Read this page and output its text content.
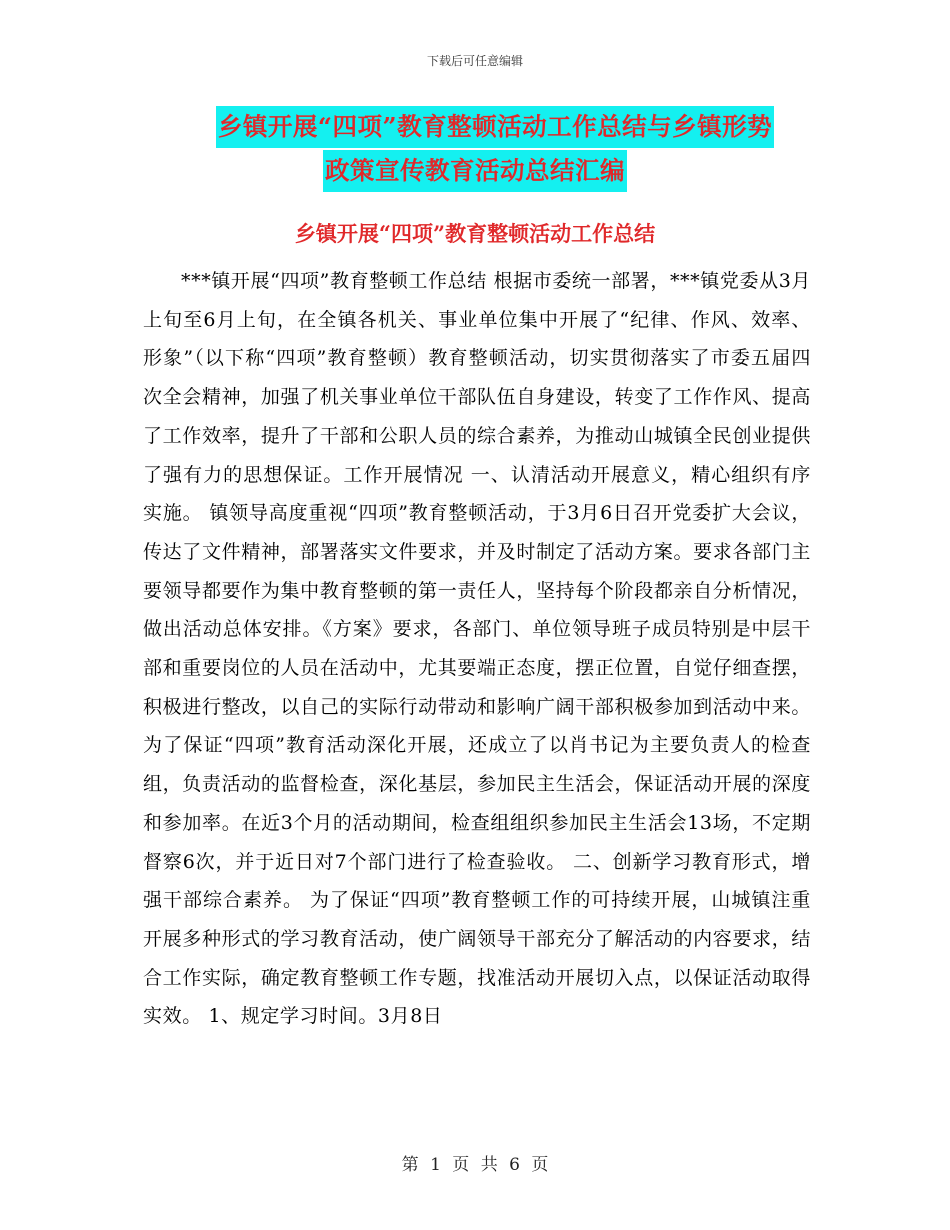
下载后可任意编辑
乡镇开展“四项”教育整顿活动工作总结与乡镇形势
政策宣传教育活动总结汇编
乡镇开展“四项”教育整顿活动工作总结

***镇开展“四项”教育整顿工作总结 根据市委统一部署，***镇党委从3月上旬至6月上旬，在全镇各机关、事业单位集中开展了“纪律、作风、效率、形象”（以下称“四项”教育整顿）教育整顿活动，切实贯彻落实了市委五届四次全会精神，加强了机关事业单位干部队伍自身建设，转变了工作作风、提高了工作效率，提升了干部和公职人员的综合素养，为推动山城镇全民创业提供了强有力的思想保证。工作开展情况 一、认清活动开展意义，精心组织有序实施。 镇领导高度重视“四项”教育整顿活动，于3月6日召开党委扩大会议，传达了文件精神，部署落实文件要求，并及时制定了活动方案。要求各部门主要领导都要作为集中教育整顿的第一责任人，坚持每个阶段都亲自分析情况，做出活动总体安排。《方案》要求，各部门、单位领导班子成员特别是中层干部和重要岗位的人员在活动中，尤其要端正态度，摆正位置，自觉仔细查摆，积极进行整改，以自己的实际行动带动和影响广阔干部积极参加到活动中来。为了保证“四项”教育活动深化开展，还成立了以肖书记为主要负责人的检查组，负责活动的监督检查，深化基层，参加民主生活会，保证活动开展的深度和参加率。在近3个月的活动期间，检查组组织参加民主生活会13场，不定期督察6次，并于近日对7个部门进行了检查验收。 二、创新学习教育形式，增强干部综合素养。 为了保证“四项”教育整顿工作的可持续开展，山城镇注重开展多种形式的学习教育活动，使广阔领导干部充分了解活动的内容要求，结合工作实际，确定教育整顿工作专题，找准活动开展切入点，以保证活动取得实效。 1、规定学习时间。3月8日

第 1 页 共 6 页
